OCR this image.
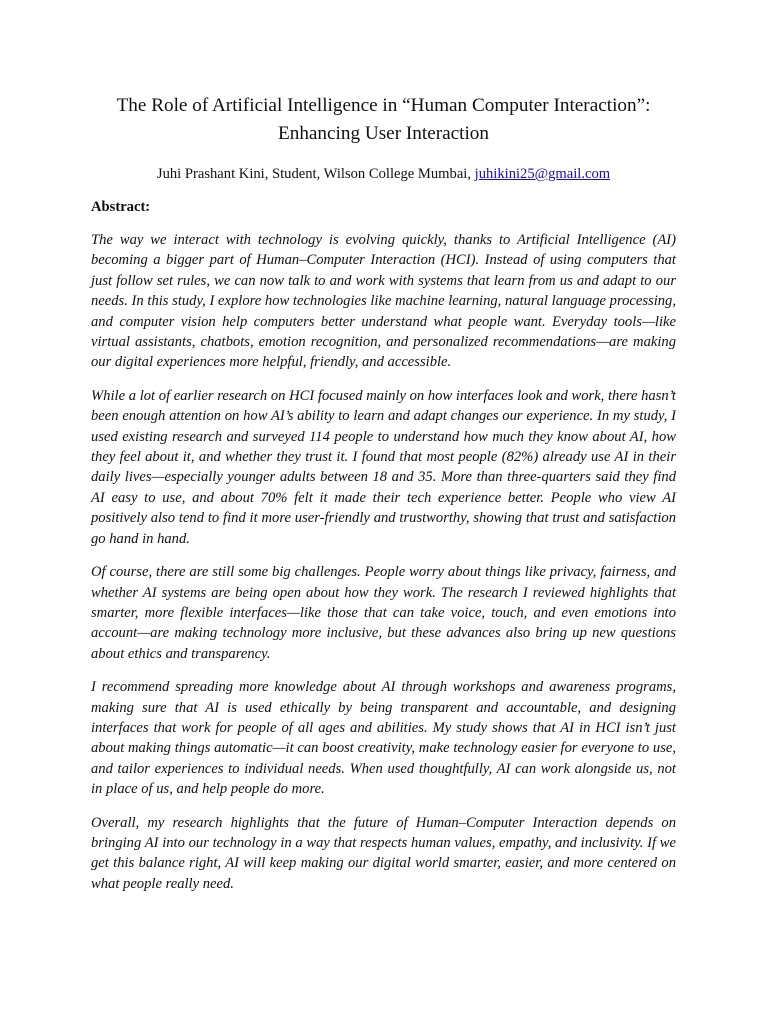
The Role of Artificial Intelligence in “Human Computer Interaction”:
Enhancing User Interaction

Juhi Prashant Kini, Student, Wilson College Mumbai, juhikini25@gmail.com

Abstract:

The way we interact with technology is evolving quickly, thanks to Artificial Intelligence (AI) becoming a bigger part of Human–Computer Interaction (HCI). Instead of using computers that just follow set rules, we can now talk to and work with systems that learn from us and adapt to our needs. In this study, I explore how technologies like machine learning, natural language processing, and computer vision help computers better understand what people want. Everyday tools—like virtual assistants, chatbots, emotion recognition, and personalized recommendations—are making our digital experiences more helpful, friendly, and accessible.

While a lot of earlier research on HCI focused mainly on how interfaces look and work, there hasn’t been enough attention on how AI’s ability to learn and adapt changes our experience. In my study, I used existing research and surveyed 114 people to understand how much they know about AI, how they feel about it, and whether they trust it. I found that most people (82%) already use AI in their daily lives—especially younger adults between 18 and 35. More than three-quarters said they find AI easy to use, and about 70% felt it made their tech experience better. People who view AI positively also tend to find it more user-friendly and trustworthy, showing that trust and satisfaction go hand in hand.

Of course, there are still some big challenges. People worry about things like privacy, fairness, and whether AI systems are being open about how they work. The research I reviewed highlights that smarter, more flexible interfaces—like those that can take voice, touch, and even emotions into account—are making technology more inclusive, but these advances also bring up new questions about ethics and transparency.

I recommend spreading more knowledge about AI through workshops and awareness programs, making sure that AI is used ethically by being transparent and accountable, and designing interfaces that work for people of all ages and abilities. My study shows that AI in HCI isn’t just about making things automatic—it can boost creativity, make technology easier for everyone to use, and tailor experiences to individual needs. When used thoughtfully, AI can work alongside us, not in place of us, and help people do more.

Overall, my research highlights that the future of Human–Computer Interaction depends on bringing AI into our technology in a way that respects human values, empathy, and inclusivity. If we get this balance right, AI will keep making our digital world smarter, easier, and more centered on what people really need.
